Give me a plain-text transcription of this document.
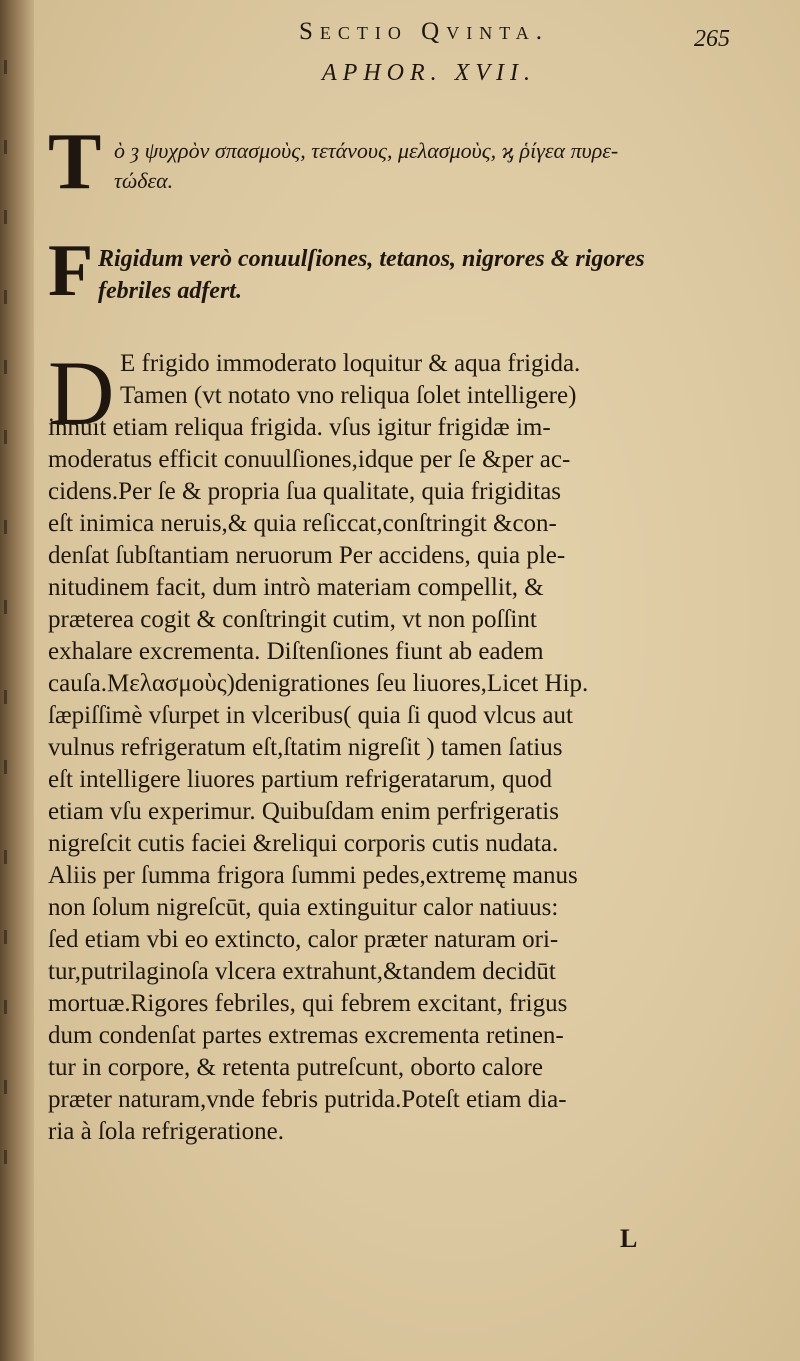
Sectio Qvinta.	265
APHOR. XVII.
T ὸ ȝ ψυχρὸν σπασμοὺς, τετάνους, μελασμοὺς, ϗ ῥίγεα πυρε-
τώδεα.
F Rigidum verò conuulſiones, tetanos, nigrores & rigores
febriles adfert.
D E frigido immoderato loquitur & aqua frigida.
Tamen (vt notato vno reliqua ſolet intelligere)
innuit etiam reliqua frigida. vſus igitur frigidæ im-
moderatus efficit conuulſiones,idque per ſe &per ac-
cidens.Per ſe & propria ſua qualitate, quia frigiditas
eſt inimica neruis,& quia reſiccat,conſtringit &con-
denſat ſubſtantiam neruorum Per accidens, quia ple-
nitudinem facit, dum intrò materiam compellit, &
præterea cogit & conſtringit cutim, vt non poſſint
exhalare excrementa. Diſtenſiones fiunt ab eadem
cauſa.Μελασμοὺς)denigrationes ſeu liuores,Licet Hip.
ſæpiſſimè vſurpet in vlceribus( quia ſi quod vlcus aut
vulnus refrigeratum eſt,ſtatim nigreſit ) tamen ſatius
eſt intelligere liuores partium refrigeratarum, quod
etiam vſu experimur. Quibuſdam enim perfrigeratis
nigreſcit cutis faciei &reliqui corporis cutis nudata.
Aliis per ſumma frigora ſummi pedes,extremę manus
non ſolum nigreſcūt, quia extinguitur calor natiuus:
ſed etiam vbi eo extincto, calor præter naturam ori-
tur,putrilaginoſa vlcera extrahunt,&tandem decidūt
mortuæ.Rigores febriles, qui febrem excitant, frigus
dum condenſat partes extremas excrementa retinen-
tur in corpore, & retenta putreſcunt, oborto calore
præter naturam,vnde febris putrida.Poteſt etiam dia-
ria à ſola refrigeratione.
L
